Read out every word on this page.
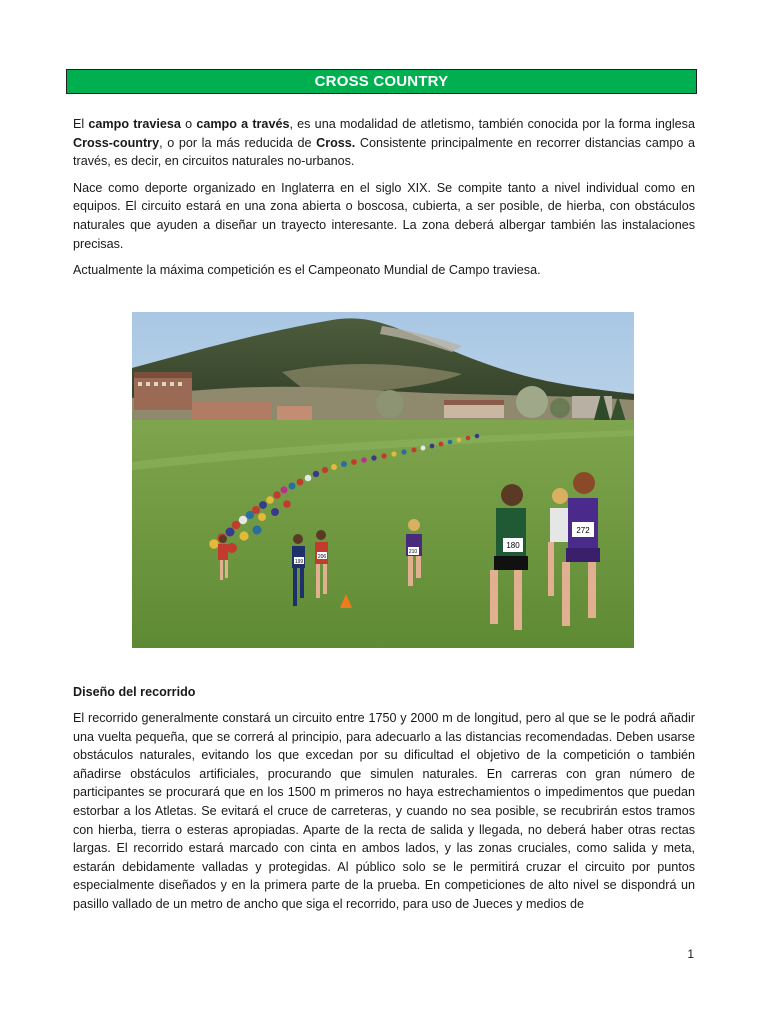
CROSS COUNTRY

El campo traviesa o campo a través, es una modalidad de atletismo, también conocida por la forma inglesa Cross-country, o por la más reducida de Cross. Consistente principalmente en recorrer distancias campo a través, es decir, en circuitos naturales no-urbanos.

Nace como deporte organizado en Inglaterra en el siglo XIX. Se compite tanto a nivel individual como en equipos. El circuito estará en una zona abierta o boscosa, cubierta, a ser posible, de hierba, con obstáculos naturales que ayuden a diseñar un trayecto interesante. La zona deberá albergar también las instalaciones precisas.

Actualmente la máxima competición es el Campeonato Mundial de Campo traviesa.

199
206
210
180
272
Diseño del recorrido

El recorrido generalmente constará un circuito entre 1750 y 2000 m de longitud, pero al que se le podrá añadir una vuelta pequeña, que se correrá al principio, para adecuarlo a las distancias recomendadas. Deben usarse obstáculos naturales, evitando los que excedan por su dificultad el objetivo de la competición o también añadirse obstáculos artificiales, procurando que simulen naturales. En carreras con gran número de participantes se procurará que en los 1500 m primeros no haya estrechamientos o impedimentos que puedan estorbar a los Atletas. Se evitará el cruce de carreteras, y cuando no sea posible, se recubrirán estos tramos con hierba, tierra o esteras apropiadas. Aparte de la recta de salida y llegada, no deberá haber otras rectas largas. El recorrido estará marcado con cinta en ambos lados, y las zonas cruciales, como salida y meta, estarán debidamente valladas y protegidas. Al público solo se le permitirá cruzar el circuito por puntos especialmente diseñados y en la primera parte de la prueba. En competiciones de alto nivel se dispondrá un pasillo vallado de un metro de ancho que siga el recorrido, para uso de Jueces y medios de

1
